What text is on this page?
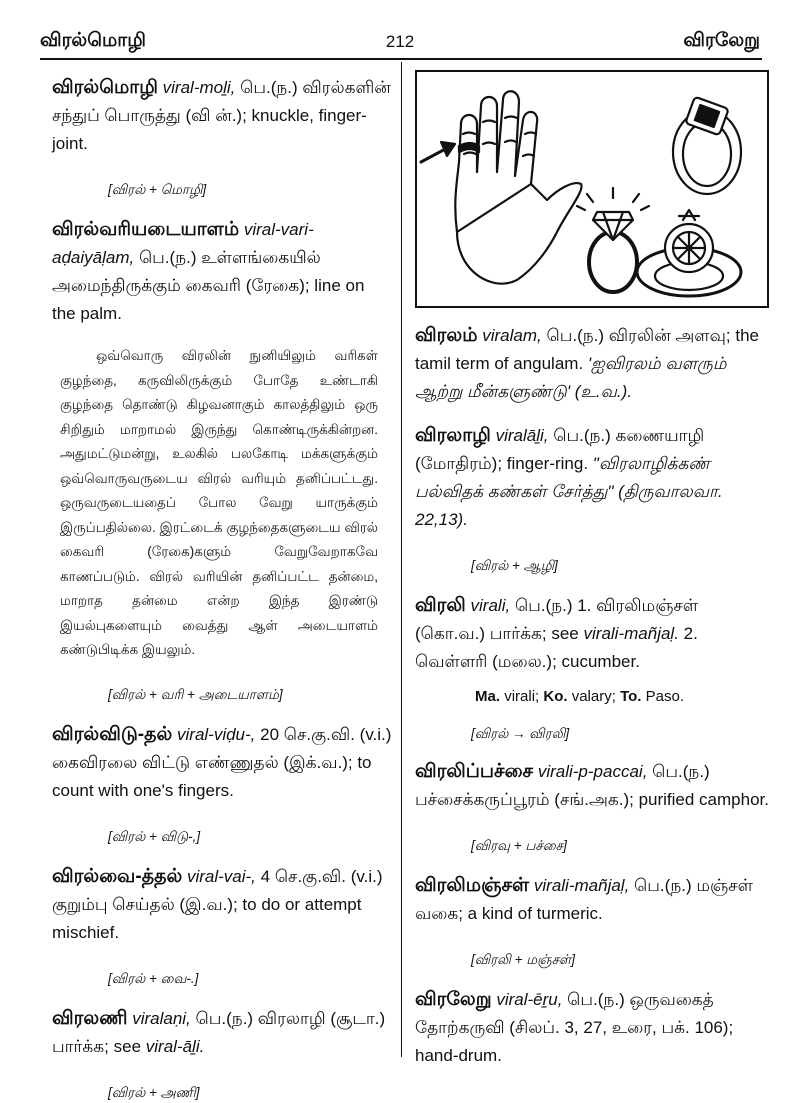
விரல்மொழி	212	விரலேறு

விரல்மொழி viral-moḻi, பெ.(ந.) விரல்களின் சந்துப் பொருத்து (வி ன்.); knuckle, finger-joint.

[விரல் + மொழி]

விரல்வரியடையாளம் viral-vari-aḍaiyāḷam, பெ.(ந.) உள்ளங்கையில் அமைந்திருக்கும் கைவரி (ரேகை); line on the palm.

ஒவ்வொரு விரலின் நுனியிலும் வரிகள் குழந்தை, கருவிலிருக்கும் போதே உண்டாகி குழந்தை தொண்டு கிழவனாகும் காலத்திலும் ஒரு சிறிதும் மாறாமல் இருந்து கொண்டிருக்கின்றன. அதுமட்டுமன்று, உலகில் பலகோடி மக்களுக்கும் ஒவ்வொருவருடைய விரல் வரியும் தனிப்பட்டது. ஒருவருடையதைப் போல வேறு யாருக்கும் இருப்பதில்லை. இரட்டைக் குழந்தைகளுடைய விரல் கைவரி (ரேகை)களும் வேறுவேறாகவே காணப்படும். விரல் வரியின் தனிப்பட்ட தன்மை, மாறாத தன்மை என்ற இந்த இரண்டு இயல்புகளையும் வைத்து ஆள் அடையாளம் கண்டுபிடிக்க இயலும்.

[விரல் + வரி + அடையாளம்]

விரல்விடு-தல் viral-viḍu-, 20 செ.கு.வி. (v.i.) கைவிரலை விட்டு எண்ணுதல் (இக்.வ.); to count with one's fingers.

[விரல் + விடு-,]

விரல்வை-த்தல் viral-vai-, 4 செ.கு.வி. (v.i.) குறும்பு செய்தல் (இ.வ.); to do or attempt mischief.

[விரல் + வை-.]

விரலணி viralaṇi, பெ.(ந.) விரலாழி (சூடா.) பார்க்க; see viral-āḻi.

[விரல் + அணி]

விரலம் viralam, பெ.(ந.) விரலின் அளவு; the tamil term of angulam. 'ஐவிரலம் வளரும் ஆற்று மீன்களுண்டு' (உ.வ.).

விரலாழி viralāḻi, பெ.(ந.) கணையாழி (மோதிரம்); finger-ring. "விரலாழிக்கண் பல்விதக் கண்கள் சேர்த்து" (திருவாலவா. 22,13).

[விரல் + ஆழி]

விரலி virali, பெ.(ந.) 1. விரலிமஞ்சள் (கொ.வ.) பார்க்க; see virali-mañjaḷ. 2. வெள்ளரி (மலை.); cucumber.

Ma. virali; Ko. valary; To. Paso.

[விரல் → விரலி]

விரலிப்பச்சை virali-p-paccai, பெ.(ந.) பச்சைக்கருப்பூரம் (சங்.அக.); purified camphor.

[விரவு + பச்சை]

விரலிமஞ்சள் virali-mañjaḷ, பெ.(ந.) மஞ்சள் வகை; a kind of turmeric.

[விரலி + மஞ்சள்]

விரலேறு viral-ēṟu, பெ.(ந.) ஒருவகைத் தோற்கருவி (சிலப். 3, 27, உரை, பக். 106); hand-drum.
